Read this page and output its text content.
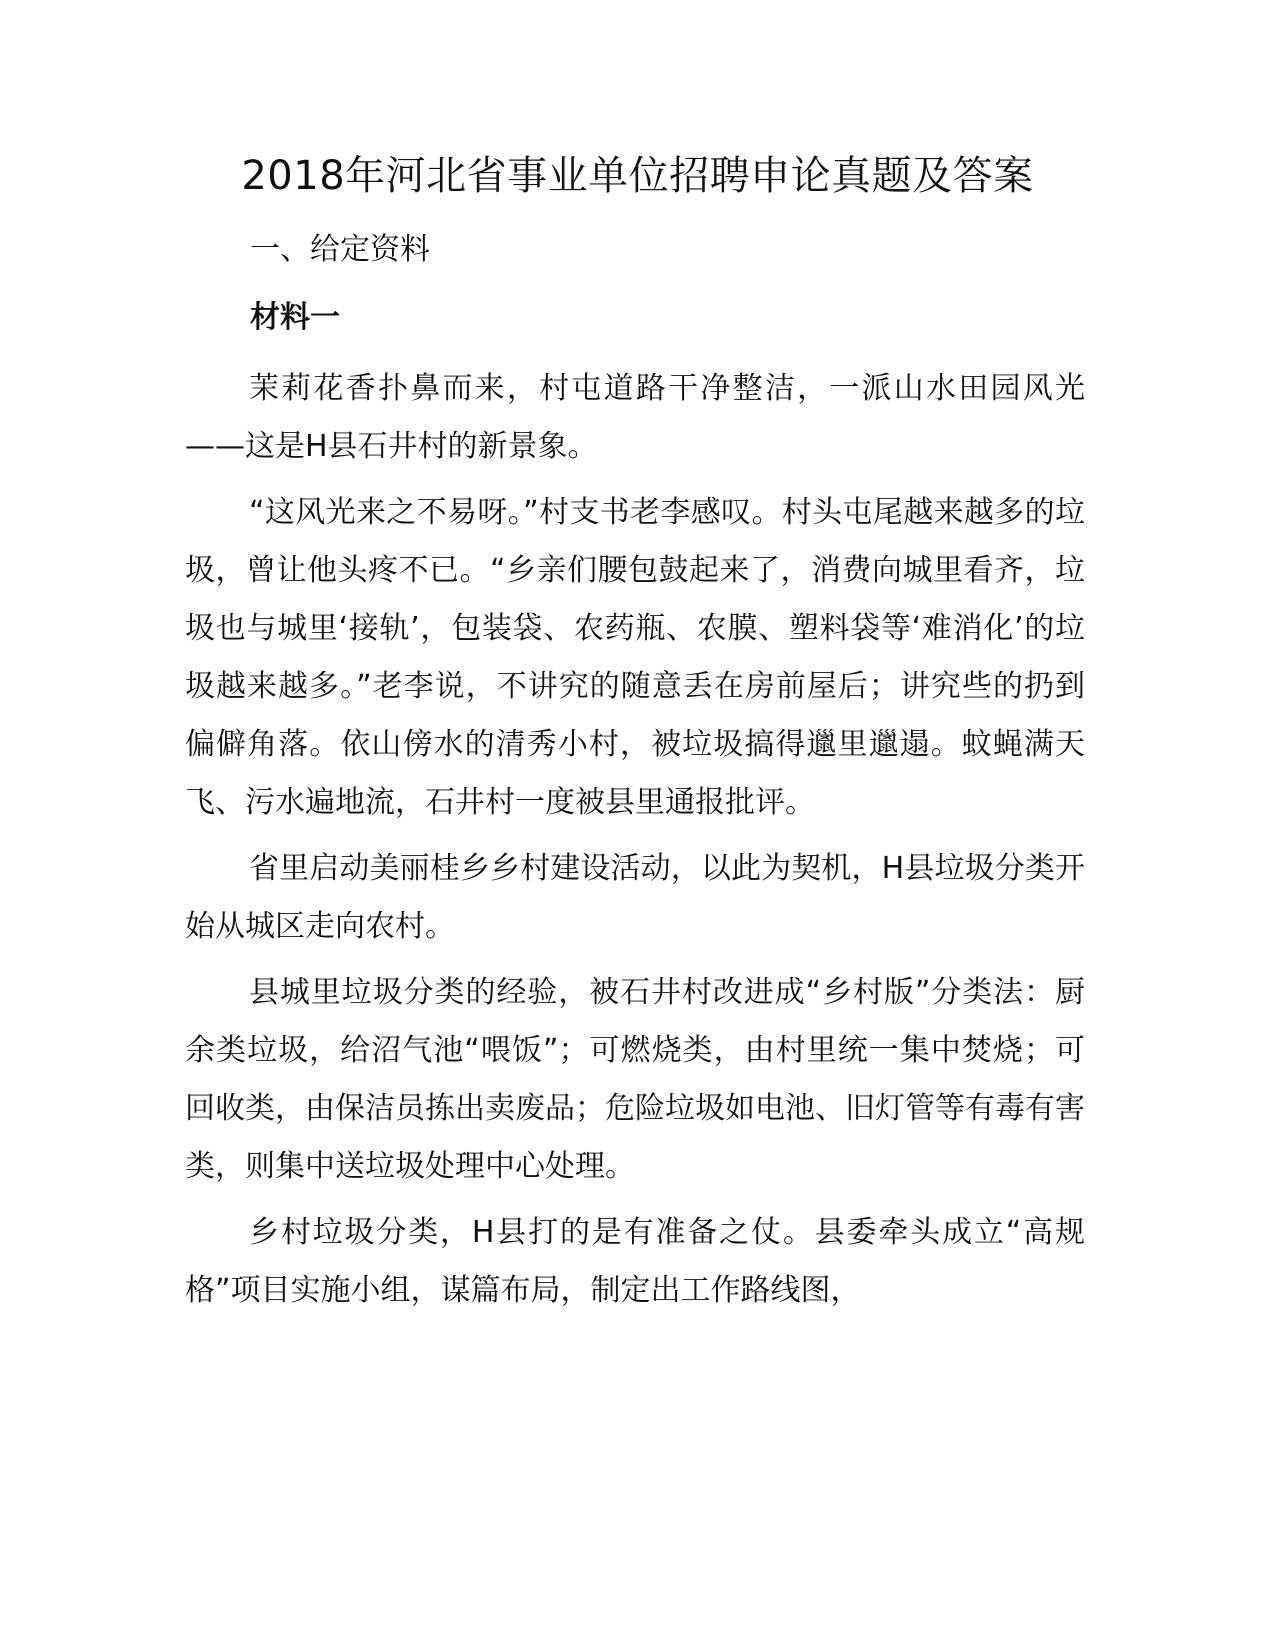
2018年河北省事业单位招聘申论真题及答案
一、给定资料
材料一

茉莉花香扑鼻而来，村屯道路干净整洁，一派山水田园风光——这是H县石井村的新景象。

“这风光来之不易呀。”村支书老李感叹。村头屯尾越来越多的垃圾，曾让他头疼不已。“乡亲们腰包鼓起来了，消费向城里看齐，垃圾也与城里‘接轨’，包装袋、农药瓶、农膜、塑料袋等‘难消化’的垃圾越来越多。”老李说，不讲究的随意丢在房前屋后；讲究些的扔到偏僻角落。依山傍水的清秀小村，被垃圾搞得邋里邋遢。蚊蝇满天飞、污水遍地流，石井村一度被县里通报批评。

省里启动美丽桂乡乡村建设活动，以此为契机，H县垃圾分类开始从城区走向农村。

县城里垃圾分类的经验，被石井村改进成“乡村版”分类法：厨余类垃圾，给沼气池“喂饭”；可燃烧类，由村里统一集中焚烧；可回收类，由保洁员拣出卖废品；危险垃圾如电池、旧灯管等有毒有害类，则集中送垃圾处理中心处理。

乡村垃圾分类，H县打的是有准备之仗。县委牵头成立“高规格”项目实施小组，谋篇布局，制定出工作路线图，
